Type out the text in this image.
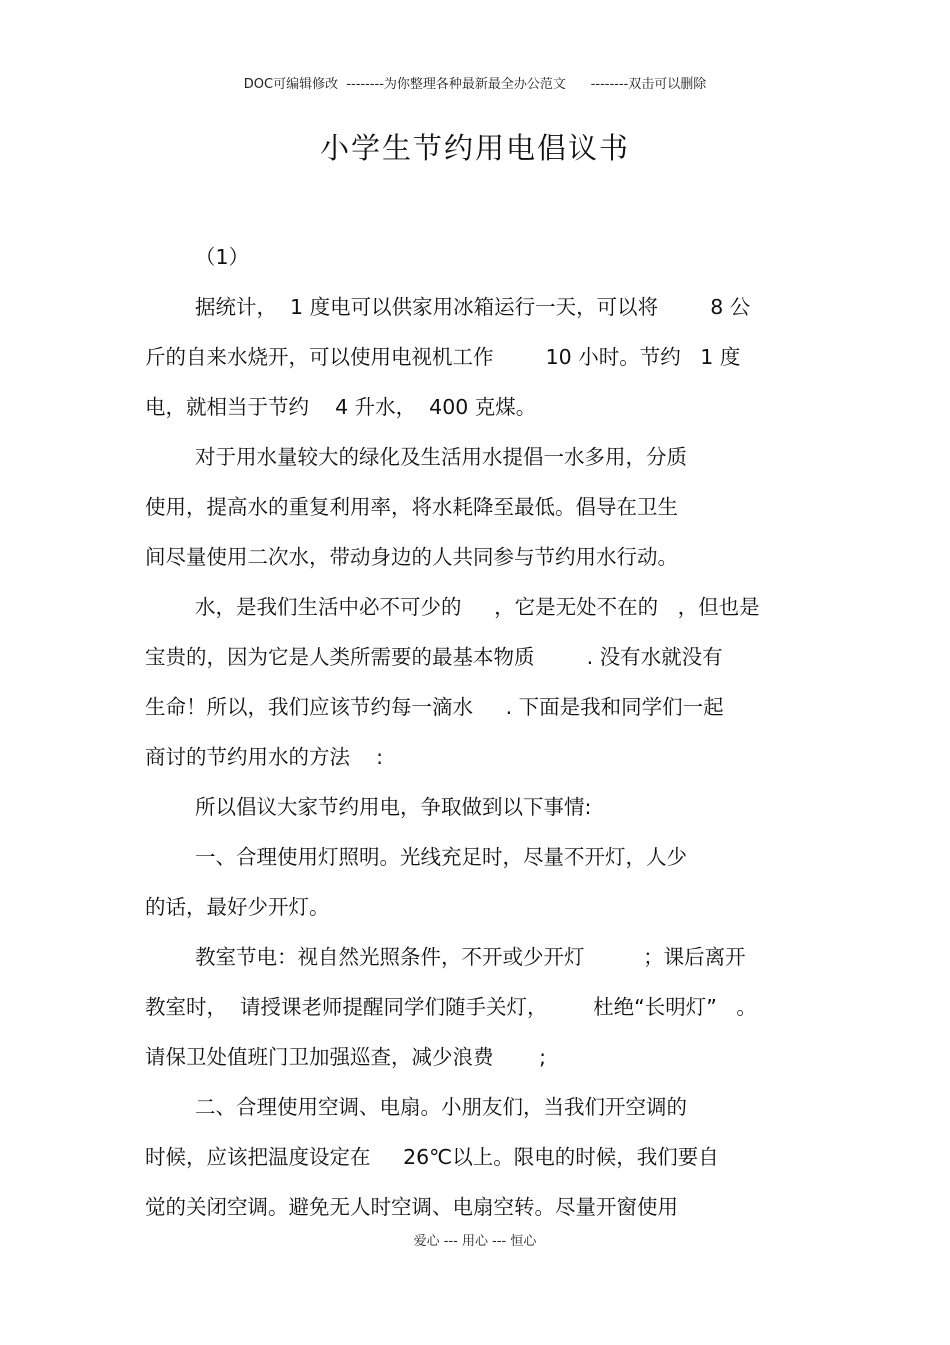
DOC可编辑修改  --------为你整理各种最新最全办公范文      --------双击可以删除
小学生节约用电倡议书
（1）
据统计，  1 度电可以供家用冰箱运行一天，可以将        8 公
斤的自来水烧开，可以使用电视机工作        10 小时。节约   1 度
电，就相当于节约    4 升水，  400 克煤。
对于用水量较大的绿化及生活用水提倡一水多用，分质
使用，提高水的重复利用率，将水耗降至最低。倡导在卫生
间尽量使用二次水，带动身边的人共同参与节约用水行动。
水，是我们生活中必不可少的     ，它是无处不在的   ，但也是
宝贵的，因为它是人类所需要的最基本物质        . 没有水就没有
生命！所以，我们应该节约每一滴水     . 下面是我和同学们一起
商讨的节约用水的方法    :
所以倡议大家节约用电，争取做到以下事情:
一、合理使用灯照明。光线充足时，尽量不开灯，人少
的话，最好少开灯。
教室节电：视自然光照条件，不开或少开灯         ；课后离开
教室时，  请授课老师提醒同学们随手关灯，       杜绝“长明灯”   。
请保卫处值班门卫加强巡查，减少浪费       ;
二、合理使用空调、电扇。小朋友们，当我们开空调的
时候，应该把温度设定在     26℃以上。限电的时候，我们要自
觉的关闭空调。避免无人时空调、电扇空转。尽量开窗使用
爱心 --- 用心 --- 恒心
